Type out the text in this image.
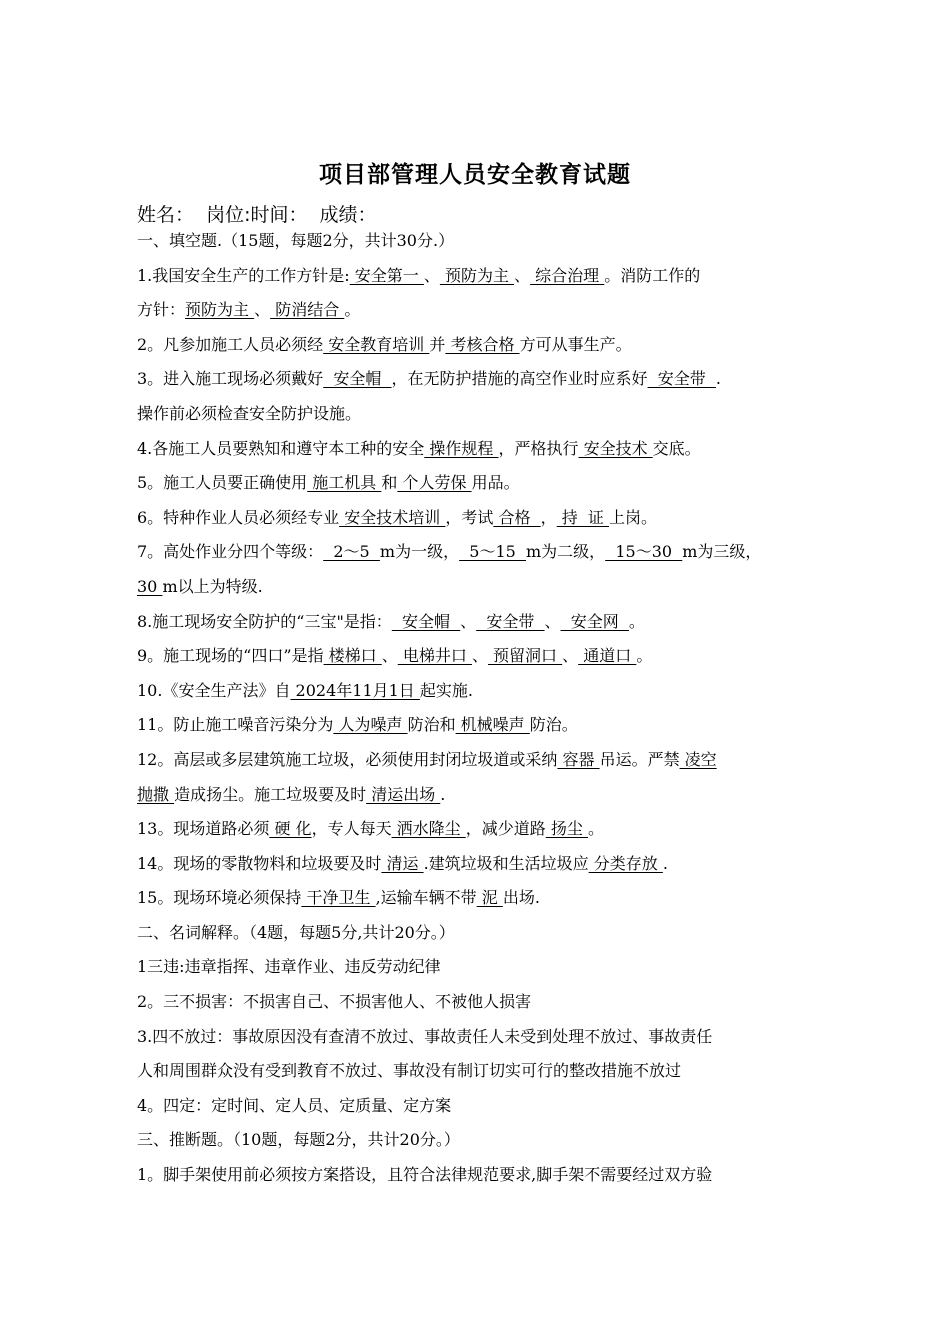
项目部管理人员安全教育试题
姓名：  岗位:时间：  成绩：
一、填空题.（15题，每题2分，共计30分.）
1.我国安全生产的工作方针是: 安全第一 、 预防为主 、 综合治理 。消防工作的
方针：预防为主 、 防消结合 。
2。凡参加施工人员必须经 安全教育培训 并 考核合格 方可从事生产。
3。进入施工现场必须戴好  安全帽  ，在无防护措施的高空作业时应系好  安全带  .
操作前必须检查安全防护设施。
4.各施工人员要熟知和遵守本工种的安全 操作规程 ，严格执行 安全技术 交底。
5。施工人员要正确使用 施工机具 和 个人劳保 用品。
6。特种作业人员必须经专业 安全技术培训 ，考试 合格  ， 持  证 上岗。
7。高处作业分四个等级：  2～5  m为一级，  5～15  m为二级，  15～30  m为三级，
30 m以上为特级.
8.施工现场安全防护的“三宝"是指：  安全帽  、  安全带  、  安全网  。
9。施工现场的“四口”是指 楼梯口 、 电梯井口 、 预留洞口 、 通道口 。
10.《安全生产法》自 2024年11月1日 起实施.
11。防止施工噪音污染分为 人为噪声 防治和 机械噪声 防治。
12。高层或多层建筑施工垃圾，必须使用封闭垃圾道或采纳 容器 吊运。严禁 凌空
抛撒 造成扬尘。施工垃圾要及时 清运出场 .
13。现场道路必须 硬 化，专人每天 洒水降尘 ，减少道路 扬尘 。
14。现场的零散物料和垃圾要及时 清运 .建筑垃圾和生活垃圾应 分类存放 .
15。现场环境必须保持 干净卫生 ,运输车辆不带 泥 出场.
二、名词解释。（4题，每题5分,共计20分。）
1三违:违章指挥、违章作业、违反劳动纪律
2。三不损害：不损害自己、不损害他人、不被他人损害
3.四不放过：事故原因没有查清不放过、事故责任人未受到处理不放过、事故责任
人和周围群众没有受到教育不放过、事故没有制订切实可行的整改措施不放过
4。四定：定时间、定人员、定质量、定方案
三、推断题。（10题，每题2分，共计20分。）
1。脚手架使用前必须按方案搭设，且符合法律规范要求,脚手架不需要经过双方验
